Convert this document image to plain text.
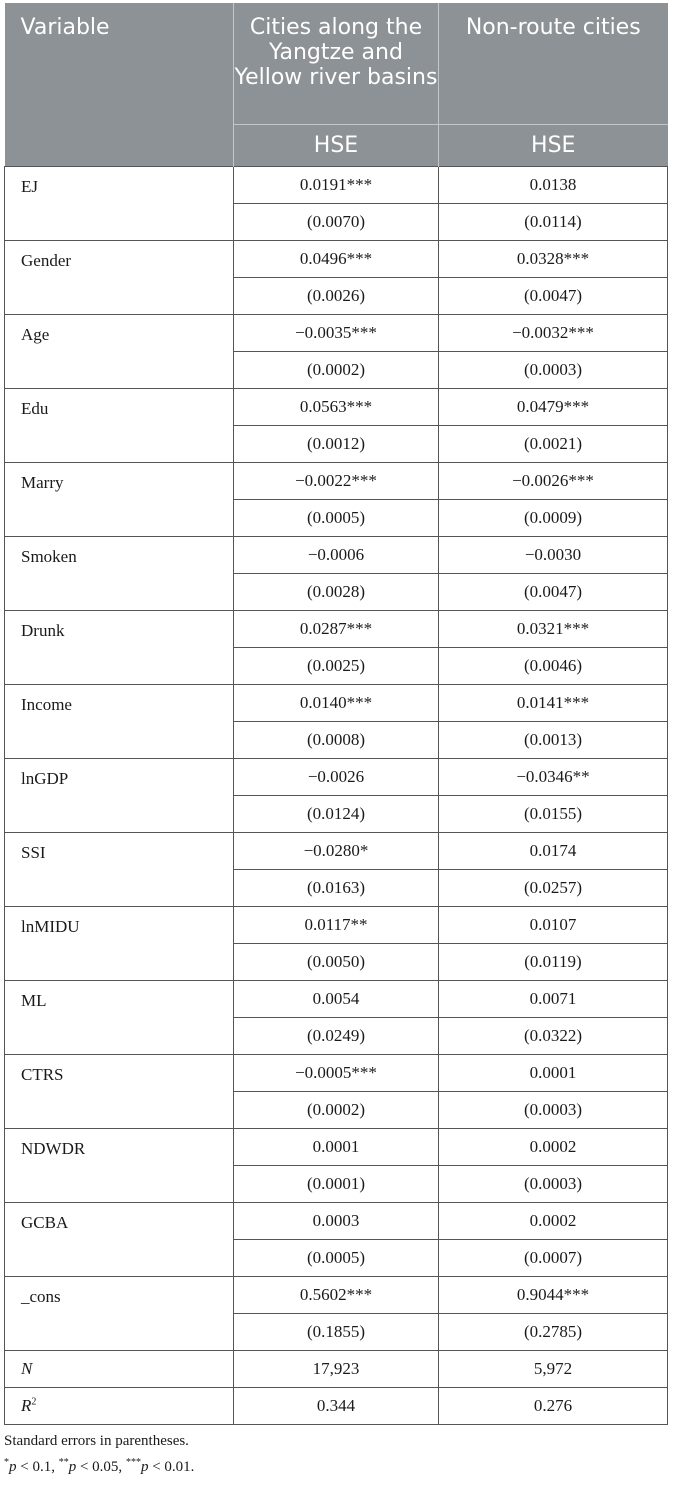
Variable	Cities along the Yangtze and Yellow river basins	Non-route cities
	HSE	HSE
EJ	0.0191***	0.0138
	(0.0070)	(0.0114)
Gender	0.0496***	0.0328***
	(0.0026)	(0.0047)
Age	−0.0035***	−0.0032***
	(0.0002)	(0.0003)
Edu	0.0563***	0.0479***
	(0.0012)	(0.0021)
Marry	−0.0022***	−0.0026***
	(0.0005)	(0.0009)
Smoken	−0.0006	−0.0030
	(0.0028)	(0.0047)
Drunk	0.0287***	0.0321***
	(0.0025)	(0.0046)
Income	0.0140***	0.0141***
	(0.0008)	(0.0013)
lnGDP	−0.0026	−0.0346**
	(0.0124)	(0.0155)
SSI	−0.0280*	0.0174
	(0.0163)	(0.0257)
lnMIDU	0.0117**	0.0107
	(0.0050)	(0.0119)
ML	0.0054	0.0071
	(0.0249)	(0.0322)
CTRS	−0.0005***	0.0001
	(0.0002)	(0.0003)
NDWDR	0.0001	0.0002
	(0.0001)	(0.0003)
GCBA	0.0003	0.0002
	(0.0005)	(0.0007)
_cons	0.5602***	0.9044***
	(0.1855)	(0.2785)
N	17,923	5,972
$R^2$	0.344	0.276
Standard errors in parentheses.
*p < 0.1, **p < 0.05, ***p < 0.01.
